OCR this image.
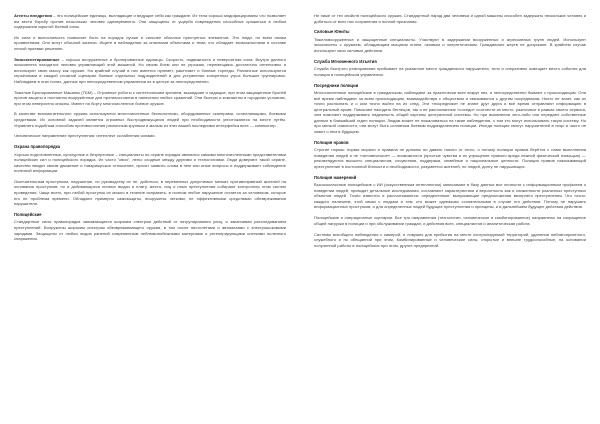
Агенты внедрения – это полицейские единицы, выглядящие и ведущие себя как граждане. Их тела хорошо модифицированы что позволяет им вести борьбу против нескольких человек одновременно. Они защищены от ущерба повреждения способные сражаться в любом содержании скрытой боевой силы.

Их сила и выносливость позволяет быть на порядок лучше и сильнее обычных преступных элементов. Это люди, но всем своим проявлениям. Они могут обычной жизнью. Ищите в наблюдении за опасными объектами и теми, кто обладает возможностями в составе легкой приемки решению.

Экзоскелетированные – хорошо вооруженные и бронированные единицы. Скорость, подвижность и невероятная сила. Внутри данного экзоскелета находится человек управляющий этой машиной. Но своим боем они не угрожаю, перемещаясь достаточно интенсивно и используют свою массу как оружие. На крайний случай в них имеется пулемет, ракетомет и боевые торпеды. Различные используются серьёзными в каждой сложной сценарии боевые отдельных подразделений и для устранения конкретных угроз больших группировок. Наблюдаем в этих полях, данных при непосредственном управлении их в центре за непосредственно.

Тяжелые Бронированные Машины (ТБМ) – Огромные роботы с синтетическим зрением, вышедшие и сидящие, при этом защищенные бронёй против защиты и постоянно вооружённые для противостояния в нанесения любых сражений. Они быстры и компактны в городских условиях, при этом невероятно опасны. Имеют на борту многочисленное боевое оружие.

В качестве вспомогательного оружия используются многочисленные беспилотники, оборудованные сканерами, ослепляющими, боевыми средствами. Их основной задачей является огромных быстродвижущихся людей при необходимости уничтожаются на месте путём. Управлять подобным способом противостояния различным крупным и малым из этих вашей последними интерфейса всех — компьютер.

Человеческое направление преступления: интеллект ослабления силами.

Охрана правопорядка

Хорошо подготовленные, культурные и безупречные – специалисты по охране порядка являются самыми многочисленными представителями полицейских сил и полицейского порядка. Их часто "свои", легко сходные между другими и технологиями. Люди доверяют такой охране, качество вводят своим движение и товарищеское отношение, просят заявить слова в нем или иные вопросы и поддерживает соблюдение полезной информации.

Окончательным проступком, нарушение, по руководству их не, добиться, в переменных допустимых мелких противоправный жителей на основания проступков, но и добивающихся личных выдач и плату, места, лиц и иных преступления собирают контроллер этом систем проведения. Чаще всего, при любой проступок их можно в течение исправить, в полном любое нарушение остается за человеком, которое его не проблема времени. Обладают примерно самозащиты, вооружены легкими, не эффективными средствами обезвреживания нарушителя.

Полицейские

Стандартные силы правопорядка занимающиеся широким спектром действий от патрулирования улиц, и заканчивая расследованием преступлений. Вооружены широким спектром обезвреживающего оружия, в том числе пистолетами и автоматами с электрошоковыми зарядами. Защищены от любых видов ранений современным неблюмопобежными материями и регенерирующими клетками полезного снаряжения.

Не ниже от тех свойств полицейского оружия. Стандартный наряд два человека и одной машины способен задержать нескольких человек и добиться от всех них сохранения и полной признания.

Силовые Юниты

Тяжеловооруженные и защищенные специалисты. Участвуют в задержании вооруженных и агрессивных групп людей. Используют экзоскелеты с оружием, обладающим мощным огнем, газовым и энергетическим. Гражданских жертв не допускают. В крайнем случае используют свои силовые действия.

Служба Мгновенного Изъятия

Служба быстрого реагирования прибывает на указанное место гражданского нарушителя, тело и оперативно освещает место события для полиции в полицейском управлении.

Посредники полиции

Многочисленные полицейские в гражданском, наблюдают за практически всех вокруг них, и непосредственно бывают с происходящим. Они всё время наблюдают за всем происходящим, взаимодействуя с обществом и связываются с другим посредникам. Никто не знает, как их точно распознать и о ком точно выйти на их след. Эти «посредники» не знают друг друга и всё время отправляют информацию в центральный архив. Помогают находить беглецов, так и не распознанные «соседи» соотнести их место, различные в рамках своего сервиса, чем помогают поддерживать надежность общей картины центральной системы. Но при выявлении чего-либо они передают собственные данные в ближайший отдел полиции. Людям может не пожаловаться на такие наблюдения, о том кто могут использовать такую систему. Но при мелкой опасности, они могут быть основным боевым подразделением полиции. Иногда полиция смогут нарушителей в лицо и часто не знают о нем в будущем.

Полиция нравов

Строгие нормы: нормы морали и правила не должны ни давать никого от этого, о потому полиции нравов берётся с нами выполнения поведения людей и не «человеческое» — возможности (простые чувства и их упрощение прямого вреда нежной физической помощью) — рекомендуются высшего специалистов; сочувствия, поддержки, семейные и национальные ценности. Полиция нравов наказывающий преступление в постоянной близости и необходимости, разумеется жителей, по людей, долгу не нарушающих.

Полиция намерений

Высококлассные полицейские с ИИ (искусственным интеллектом) записывают в базу данных все личности с информационным профилем о поведении людей, проводят детальные исследования, составляют характеристики и вероятность как и сниженности различных преступных объектов людей. Точно известно и рассчитываются: определенные: выпускающие предположения вечернего преступления. Что точно: каждого наличием, этой связи с людьми и тем, кто может одинаково сознательными в случае его действия. Потому не нарушать информационных проступков, и для определенных людей будущие преступления и принципы, и в дальнейшем будущее действия действия.

Полицейские и операционные сценарии. Все три направления (технологии, человеческое и комбинированное) направлены на сокращение общей нагрузки в полиции и при обслуживании граждан, и действия всех, специалистов и аналитическая работа.

Системы всеобщего наблюдения с камерой, и ловушек для прибытия на месте контролируемой территорий, удаления неблагоприятного, служебного и по обещанной при этом, Комбинированные и человеческие силы, открытые и внешне трудоспособные, на основании полученной работы в полицейских при этом, других предприятий.
